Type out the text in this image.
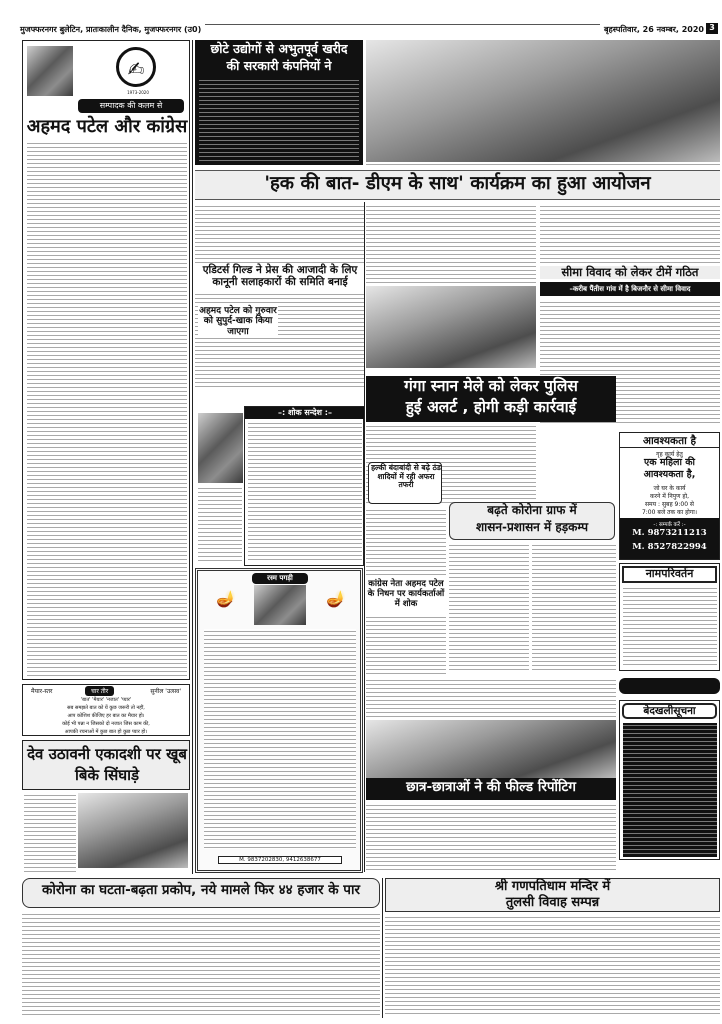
मुजफ्फरनगर बुलेटिन, प्रातःकालीन दैनिक, मुजफ्फरनगर (उ0)	बृहस्पतिवार, 26 नवम्बर, 2020 3
✍
1973-2020
सम्पादक की कलम से
अहमद पटेल और कांग्रेस
मैयार-स्तर	चार तीर	सुनील 'उत्सव'
'बात' 'मैयार' 'नजात' 'प्यार'
सब समझते बात को यें कुछ जरूरी तो नहीं,
आप कोशिश कीजिए हर बात का मैयार हो।
कोई भी पन्ना न जिसको दो नजात जिस काम की,
आपकी रचनाओं में कुछ बात हो कुछ प्यार हो।
देव उठावनी एकादशी पर खूब बिके सिंघाड़े
छोटे उद्योगों से अभुतपूर्व खरीद
की सरकारी कंपनियों ने
'हक की बात- डीएम के साथ' कार्यक्रम का हुआ आयोजन
एडिटर्स गिल्ड ने प्रेस की आजादी के लिए कानूनी सलाहकारों की समिति बनाई
अहमद पटेल को गुरुवार को सुपुर्द-खाक किया जाएगा
सीमा विवाद को लेकर टीमें गठित
–करीब पैंतीस गांव में है बिजनौर से सीमा विवाद
–: शोक सन्देश :–
गंगा स्नान मेले को लेकर पुलिस
हुई अलर्ट , होगी कड़ी कार्रवाई
हल्की बंदाबांदी से बढ़े ठंड शादियों में रही अफरा तफरी
आवश्यकता है
गृह कार्य हेतु
एक महिला की
आवश्यकता है,
जो घर के कार्य
करने में निपुण हो,
समय : सुबह 9:00 से
7:00 बजे तक का होगा।
-: सम्पर्क करें :-
M. 9873211213
M. 8527822994
नामपरिवर्तन
बढ़ते कोरोना ग्राफ में
शासन-प्रशासन में हड़कम्प
कांग्रेस नेता अहमद पटेल के निधन पर कार्यकर्ताओं में शोक
रस्म पगड़ी
🪔	🪔
M. 9837202830, 9412638677
बेदखलीसूचना
छात्र-छात्राओं ने की फील्ड रिपोंटिग
कोरोना का घटता-बढ़ता प्रकोप, नये मामले फिर ४४ हजार के पार	श्री गणपतिधाम मन्दिर में
तुलसी विवाह सम्पन्न
